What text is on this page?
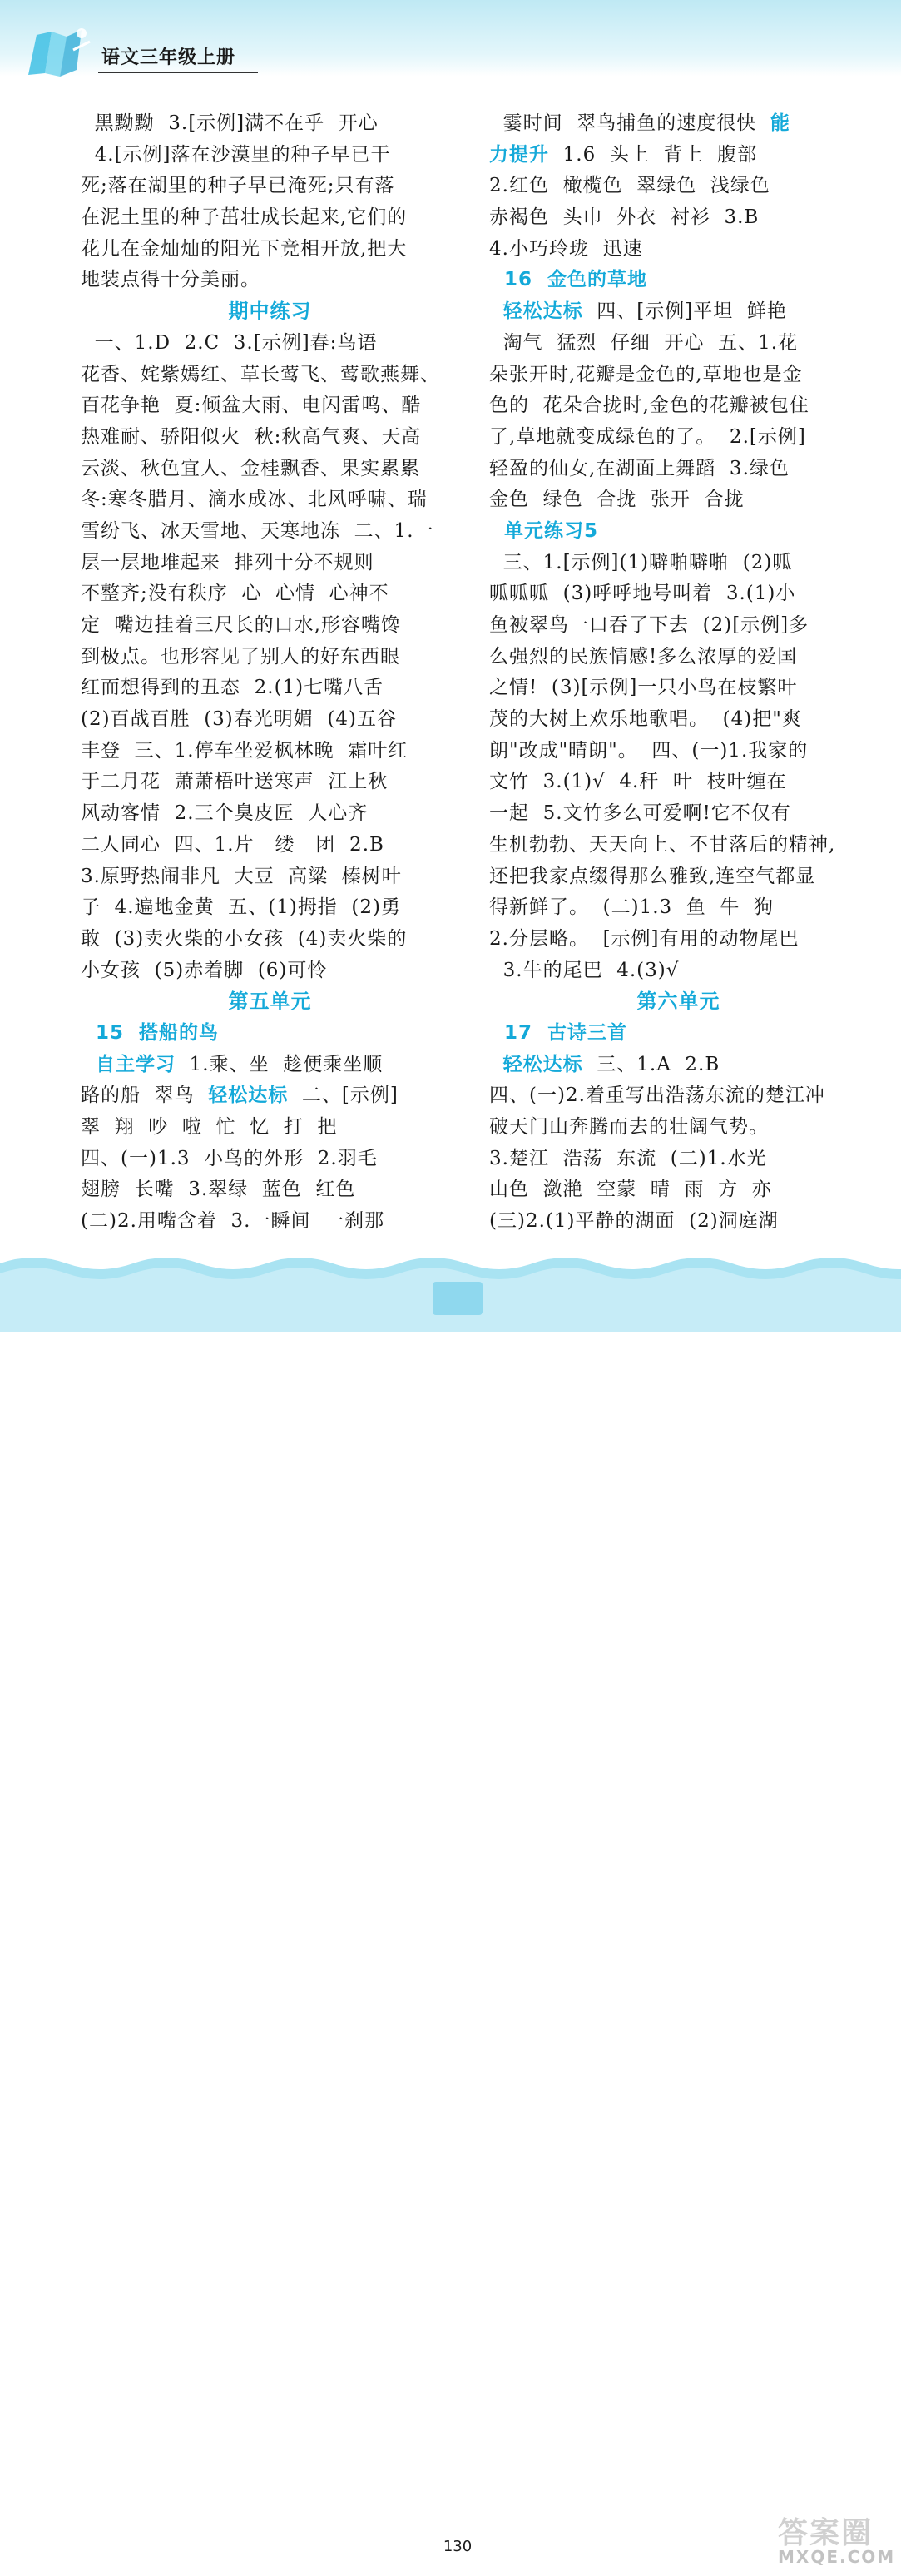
语文三年级上册
黑黝黝  3.[示例]满不在乎  开心
4.[示例]落在沙漠里的种子早已干
死;落在湖里的种子早已淹死;只有落
在泥土里的种子茁壮成长起来,它们的
花儿在金灿灿的阳光下竞相开放,把大
地装点得十分美丽。
期中练习
一、1.D  2.C  3.[示例]春:鸟语
花香、姹紫嫣红、草长莺飞、莺歌燕舞、
百花争艳  夏:倾盆大雨、电闪雷鸣、酷
热难耐、骄阳似火  秋:秋高气爽、天高
云淡、秋色宜人、金桂飘香、果实累累
冬:寒冬腊月、滴水成冰、北风呼啸、瑞
雪纷飞、冰天雪地、天寒地冻  二、1.一
层一层地堆起来  排列十分不规则
不整齐;没有秩序  心  心情  心神不
定  嘴边挂着三尺长的口水,形容嘴馋
到极点。也形容见了别人的好东西眼
红而想得到的丑态  2.(1)七嘴八舌
(2)百战百胜  (3)春光明媚  (4)五谷
丰登  三、1.停车坐爱枫林晚  霜叶红
于二月花  萧萧梧叶送寒声  江上秋
风动客情  2.三个臭皮匠  人心齐
二人同心  四、1.片   缕   团  2.B
3.原野热闹非凡  大豆  高粱  榛树叶
子  4.遍地金黄  五、(1)拇指  (2)勇
敢  (3)卖火柴的小女孩  (4)卖火柴的
小女孩  (5)赤着脚  (6)可怜
第五单元
15  搭船的鸟
自主学习  1.乘、坐  趁便乘坐顺
路的船  翠鸟  轻松达标  二、[示例]
翠  翔  吵  啦  忙  忆  打  把
四、(一)1.3  小鸟的外形  2.羽毛
翅膀  长嘴  3.翠绿  蓝色  红色
(二)2.用嘴含着  3.一瞬间  一刹那
霎时间  翠鸟捕鱼的速度很快  能
力提升  1.6  头上  背上  腹部
2.红色  橄榄色  翠绿色  浅绿色
赤褐色  头巾  外衣  衬衫  3.B
4.小巧玲珑  迅速
16  金色的草地
轻松达标  四、[示例]平坦  鲜艳
淘气  猛烈  仔细  开心  五、1.花
朵张开时,花瓣是金色的,草地也是金
色的  花朵合拢时,金色的花瓣被包住
了,草地就变成绿色的了。  2.[示例]
轻盈的仙女,在湖面上舞蹈  3.绿色
金色  绿色  合拢  张开  合拢
单元练习5
三、1.[示例](1)噼啪噼啪  (2)呱
呱呱呱  (3)呼呼地号叫着  3.(1)小
鱼被翠鸟一口吞了下去  (2)[示例]多
么强烈的民族情感!多么浓厚的爱国
之情!  (3)[示例]一只小鸟在枝繁叶
茂的大树上欢乐地歌唱。  (4)把"爽
朗"改成"晴朗"。  四、(一)1.我家的
文竹  3.(1)√  4.秆  叶  枝叶缠在
一起  5.文竹多么可爱啊!它不仅有
生机勃勃、天天向上、不甘落后的精神,
还把我家点缀得那么雅致,连空气都显
得新鲜了。  (二)1.3  鱼  牛  狗
2.分层略。  [示例]有用的动物尾巴
3.牛的尾巴  4.(3)√
第六单元
17  古诗三首
轻松达标  三、1.A  2.B
四、(一)2.着重写出浩荡东流的楚江冲
破天门山奔腾而去的壮阔气势。
3.楚江  浩荡  东流  (二)1.水光
山色  潋滟  空蒙  晴  雨  方  亦
(三)2.(1)平静的湖面  (2)洞庭湖
130	答案圈
MXQE.COM
